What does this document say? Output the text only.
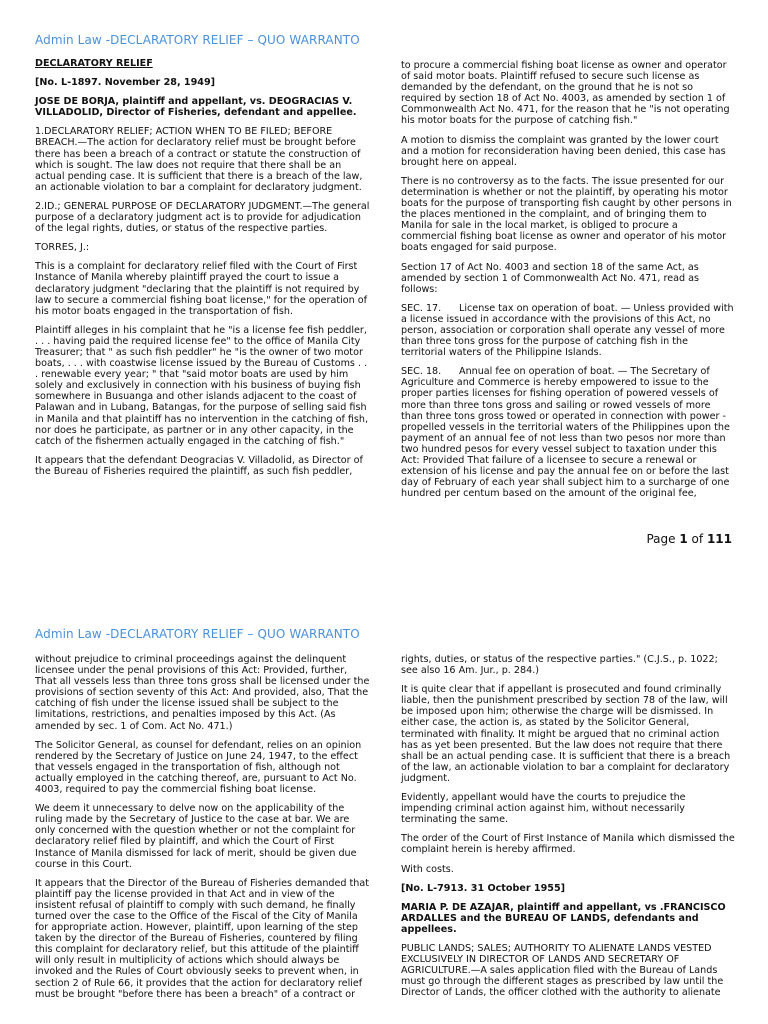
Admin Law -DECLARATORY RELIEF – QUO WARRANTO

DECLARATORY RELIEF

[No. L-1897. November 28, 1949]

JOSE DE BORJA, plaintiff and appellant, vs. DEOGRACIAS V. VILLADOLID, Director of Fisheries, defendant and appellee.

1.DECLARATORY RELIEF; ACTION WHEN TO BE FILED; BEFORE BREACH.—The action for declaratory relief must be brought before there has been a breach of a contract or statute the construction of which is sought. The law does not require that there shall be an actual pending case. It is sufficient that there is a breach of the law, an actionable violation to bar a complaint for declaratory judgment.

2.ID.; GENERAL PURPOSE OF DECLARATORY JUDGMENT.—The general purpose of a declaratory judgment act is to provide for adjudication of the legal rights, duties, or status of the respective parties.

TORRES, J.:

This is a complaint for declaratory relief filed with the Court of First Instance of Manila whereby plaintiff prayed the court to issue a declaratory judgment "declaring that the plaintiff is not required by law to secure a commercial fishing boat license," for the operation of his motor boats engaged in the transportation of fish.

Plaintiff alleges in his complaint that he "is a license fee fish peddler, . . . having paid the required license fee" to the office of Manila City Treasurer; that " as such fish peddler" he "is the owner of two motor boats, . . . with coastwise license issued by the Bureau of Customs . . . renewable every year; " that "said motor boats are used by him solely and exclusively in connection with his business of buying fish somewhere in Busuanga and other islands adjacent to the coast of Palawan and in Lubang, Batangas, for the purpose of selling said fish in Manila and that plaintiff has no intervention in the catching of fish, nor does he participate, as partner or in any other capacity, in the catch of the fishermen actually engaged in the catching of fish."

It appears that the defendant Deogracias V. Villadolid, as Director of the Bureau of Fisheries required the plaintiff, as such fish peddler,

to procure a commercial fishing boat license as owner and operator of said motor boats. Plaintiff refused to secure such license as demanded by the defendant, on the ground that he is not so required by section 18 of Act No. 4003, as amended by section 1 of Commonwealth Act No. 471, for the reason that he "is not operating his motor boats for the purpose of catching fish."

A motion to dismiss the complaint was granted by the lower court and a motion for reconsideration having been denied, this case has brought here on appeal.

There is no controversy as to the facts. The issue presented for our determination is whether or not the plaintiff, by operating his motor boats for the purpose of transporting fish caught by other persons in the places mentioned in the complaint, and of bringing them to Manila for sale in the local market, is obliged to procure a commercial fishing boat license as owner and operator of his motor boats engaged for said purpose.

Section 17 of Act No. 4003 and section 18 of the same Act, as amended by section 1 of Commonwealth Act No. 471, read as follows:

SEC. 17. License tax on operation of boat. — Unless provided with a license issued in accordance with the provisions of this Act, no person, association or corporation shall operate any vessel of more than three tons gross for the purpose of catching fish in the territorial waters of the Philippine Islands.

SEC. 18. Annual fee on operation of boat. — The Secretary of Agriculture and Commerce is hereby empowered to issue to the proper parties licenses for fishing operation of powered vessels of more than three tons gross and sailing or rowed vessels of more than three tons gross towed or operated in connection with power -propelled vessels in the territorial waters of the Philippines upon the payment of an annual fee of not less than two pesos nor more than two hundred pesos for every vessel subject to taxation under this Act: Provided That failure of a licensee to secure a renewal or extension of his license and pay the annual fee on or before the last day of February of each year shall subject him to a surcharge of one hundred per centum based on the amount of the original fee,

Page 1 of 111
Admin Law -DECLARATORY RELIEF – QUO WARRANTO

without prejudice to criminal proceedings against the delinquent licensee under the penal provisions of this Act: Provided, further, That all vessels less than three tons gross shall be licensed under the provisions of section seventy of this Act: And provided, also, That the catching of fish under the license issued shall be subject to the limitations, restrictions, and penalties imposed by this Act. (As amended by sec. 1 of Com. Act No. 471.)

The Solicitor General, as counsel for defendant, relies on an opinion rendered by the Secretary of Justice on June 24, 1947, to the effect that vessels engaged in the transportation of fish, although not actually employed in the catching thereof, are, pursuant to Act No. 4003, required to pay the commercial fishing boat license.

We deem it unnecessary to delve now on the applicability of the ruling made by the Secretary of Justice to the case at bar. We are only concerned with the question whether or not the complaint for declaratory relief filed by plaintiff, and which the Court of First Instance of Manila dismissed for lack of merit, should be given due course in this Court.

It appears that the Director of the Bureau of Fisheries demanded that plaintiff pay the license provided in that Act and in view of the insistent refusal of plaintiff to comply with such demand, he finally turned over the case to the Office of the Fiscal of the City of Manila for appropriate action. However, plaintiff, upon learning of the step taken by the director of the Bureau of Fisheries, countered by filing this complaint for declaratory relief, but this attitude of the plaintiff will only result in multiplicity of actions which should always be invoked and the Rules of Court obviously seeks to prevent when, in section 2 of Rule 66, it provides that the action for declaratory relief must be brought "before there has been a breach" of a contract or

rights, duties, or status of the respective parties." (C.J.S., p. 1022; see also 16 Am. Jur., p. 284.)

It is quite clear that if appellant is prosecuted and found criminally liable, then the punishment prescribed by section 78 of the law, will be imposed upon him; otherwise the charge will be dismissed. In either case, the action is, as stated by the Solicitor General, terminated with finality. It might be argued that no criminal action has as yet been presented. But the law does not require that there shall be an actual pending case. It is sufficient that there is a breach of the law, an actionable violation to bar a complaint for declaratory judgment.

Evidently, appellant would have the courts to prejudice the impending criminal action against him, without necessarily terminating the same.

The order of the Court of First Instance of Manila which dismissed the complaint herein is hereby affirmed.

With costs.

[No. L-7913. 31 October 1955]

MARIA P. DE AZAJAR, plaintiff and appellant, vs .FRANCISCO ARDALLES and the BUREAU OF LANDS, defendants and appellees.

PUBLIC LANDS; SALES; AUTHORITY TO ALIENATE LANDS VESTED EXCLUSIVELY IN DIRECTOR OF LANDS AND SECRETARY OF AGRICULTURE.—A sales application filed with the Bureau of Lands must go through the different stages as prescribed by law until the Director of Lands, the officer clothed with the authority to alienate
